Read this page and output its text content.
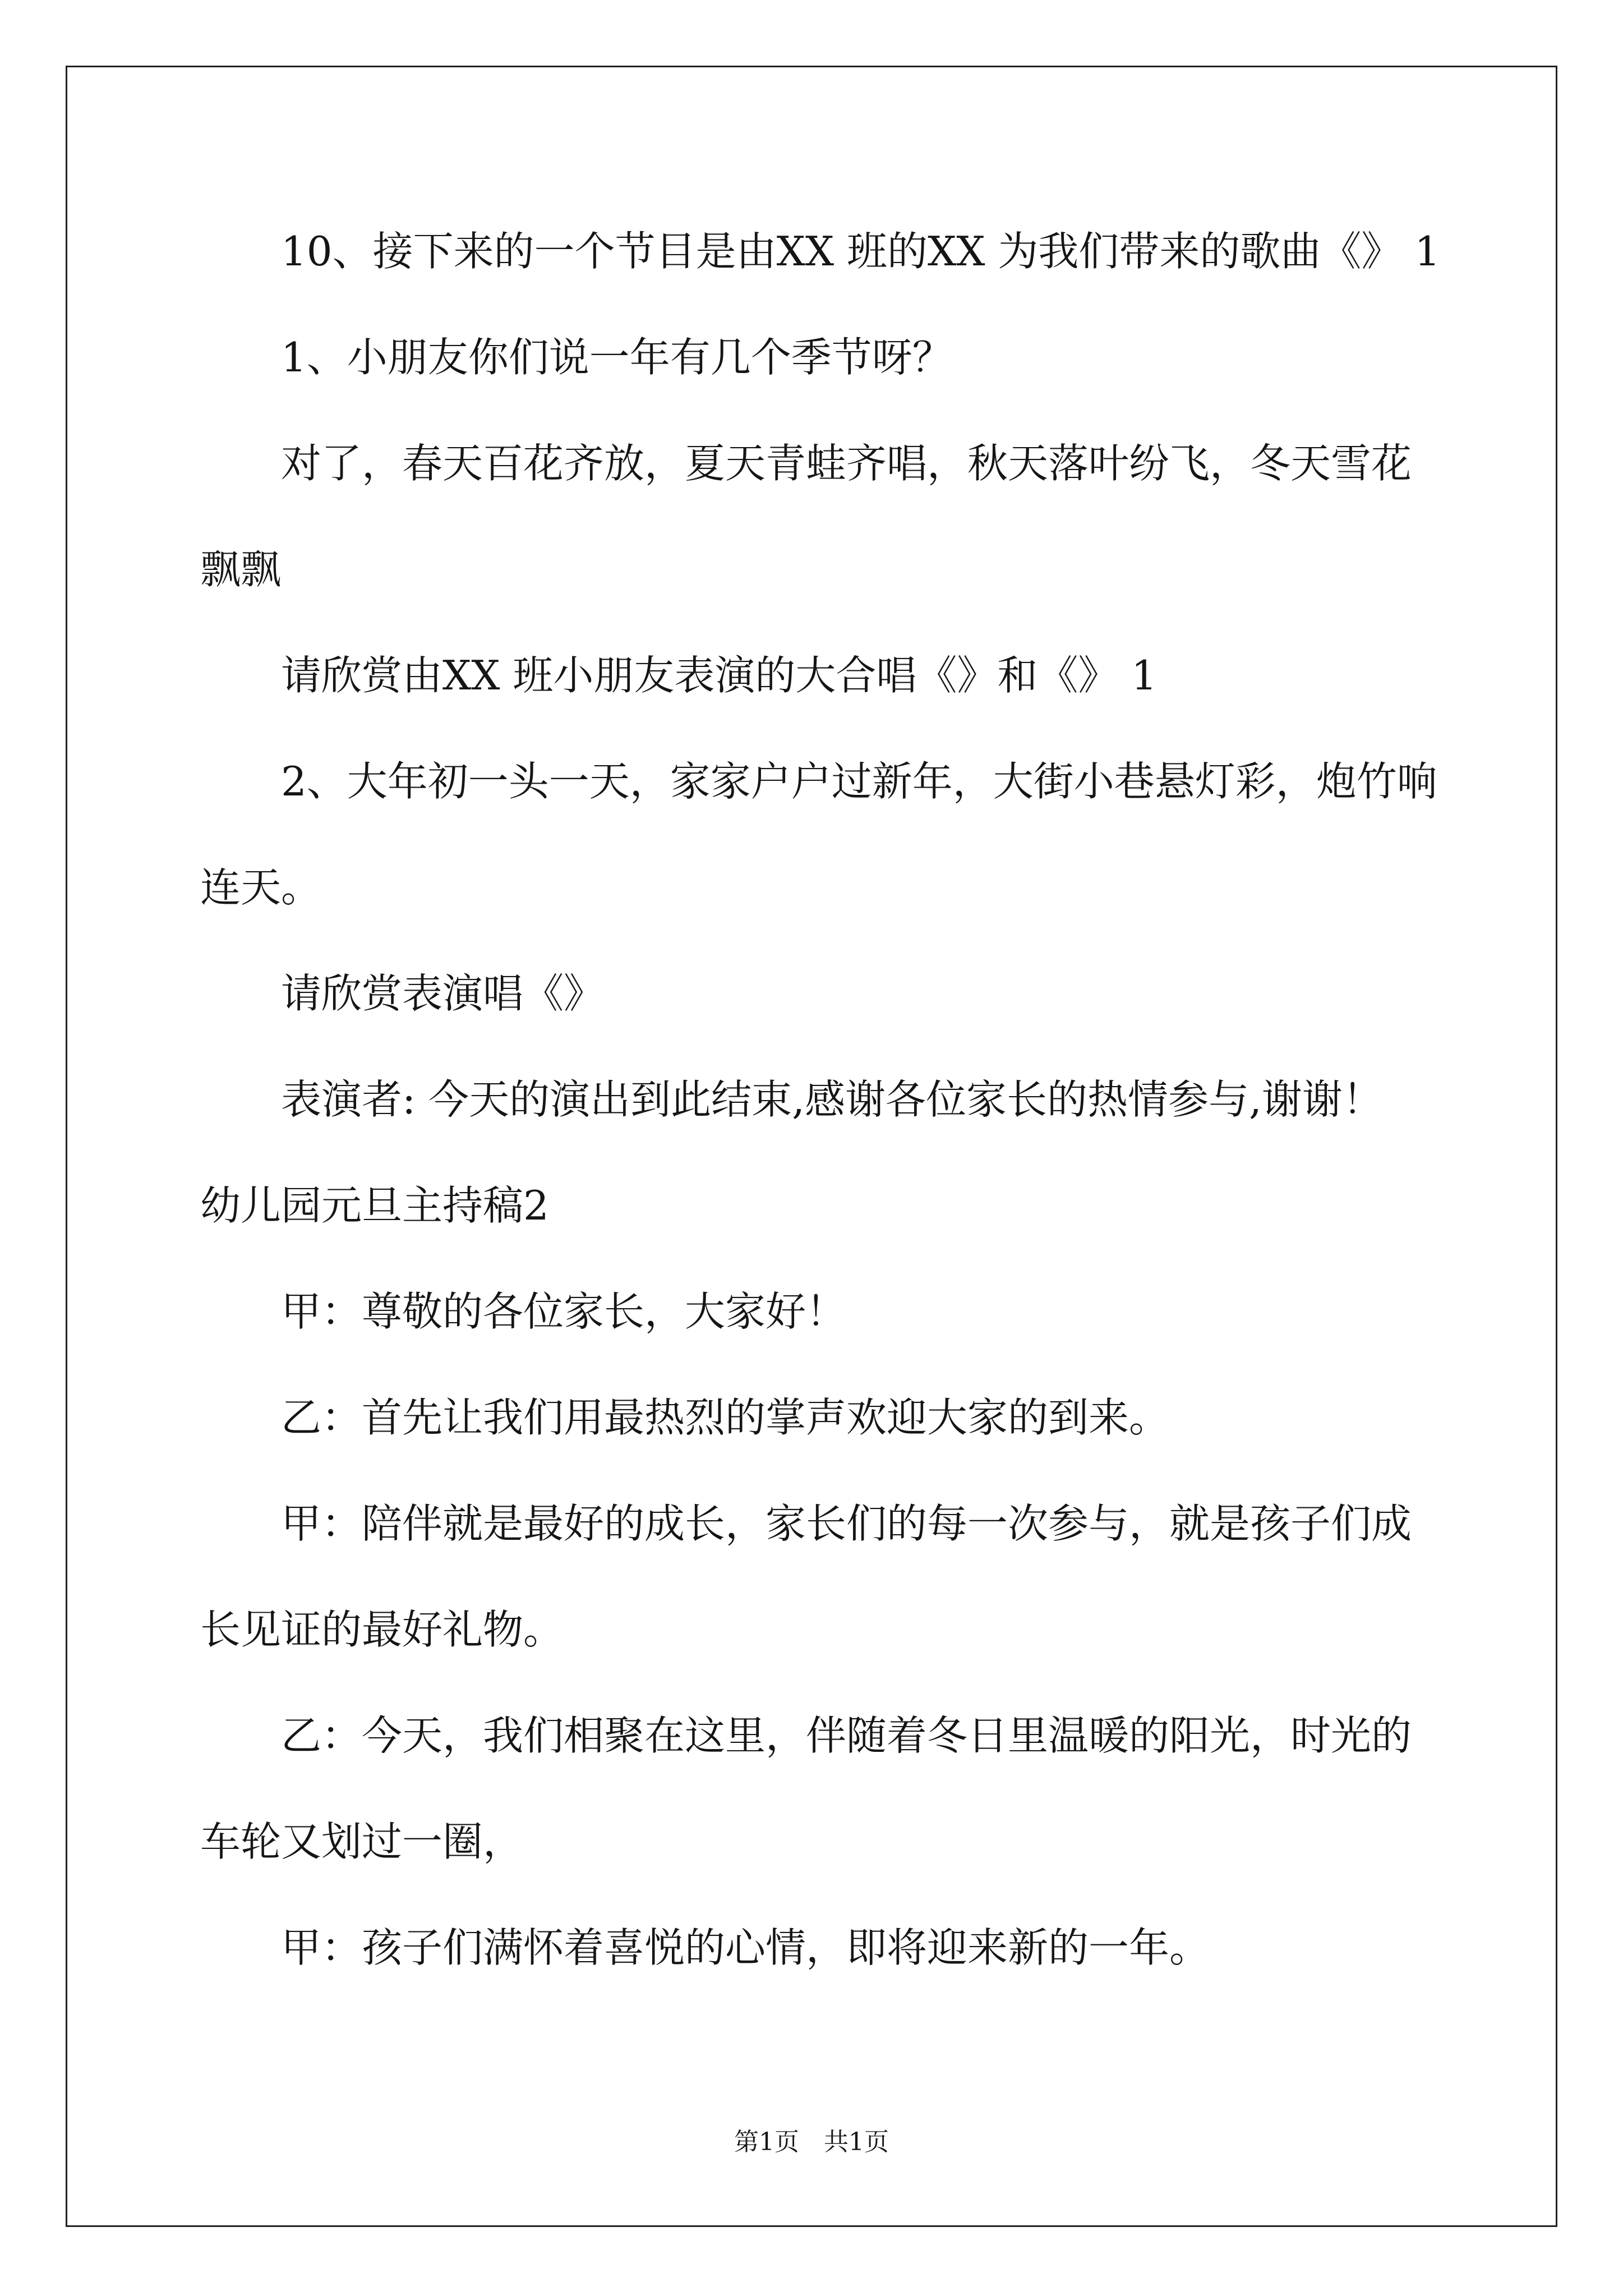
10、接下来的一个节目是由XX 班的XX 为我们带来的歌曲《》 1
1、小朋友你们说一年有几个季节呀？
对了，春天百花齐放，夏天青蛙齐唱，秋天落叶纷飞，冬天雪花
飘飘
请欣赏由XX 班小朋友表演的大合唱《》和《》 1
2、大年初一头一天，家家户户过新年，大街小巷悬灯彩，炮竹响
连天。
请欣赏表演唱《》
表演者: 今天的演出到此结束,感谢各位家长的热情参与,谢谢！
幼儿园元旦主持稿2
甲：尊敬的各位家长，大家好！
乙：首先让我们用最热烈的掌声欢迎大家的到来。
甲：陪伴就是最好的成长，家长们的每一次参与，就是孩子们成
长见证的最好礼物。
乙：今天，我们相聚在这里，伴随着冬日里温暖的阳光，时光的
车轮又划过一圈，
甲：孩子们满怀着喜悦的心情，即将迎来新的一年。
第1页　共1页
